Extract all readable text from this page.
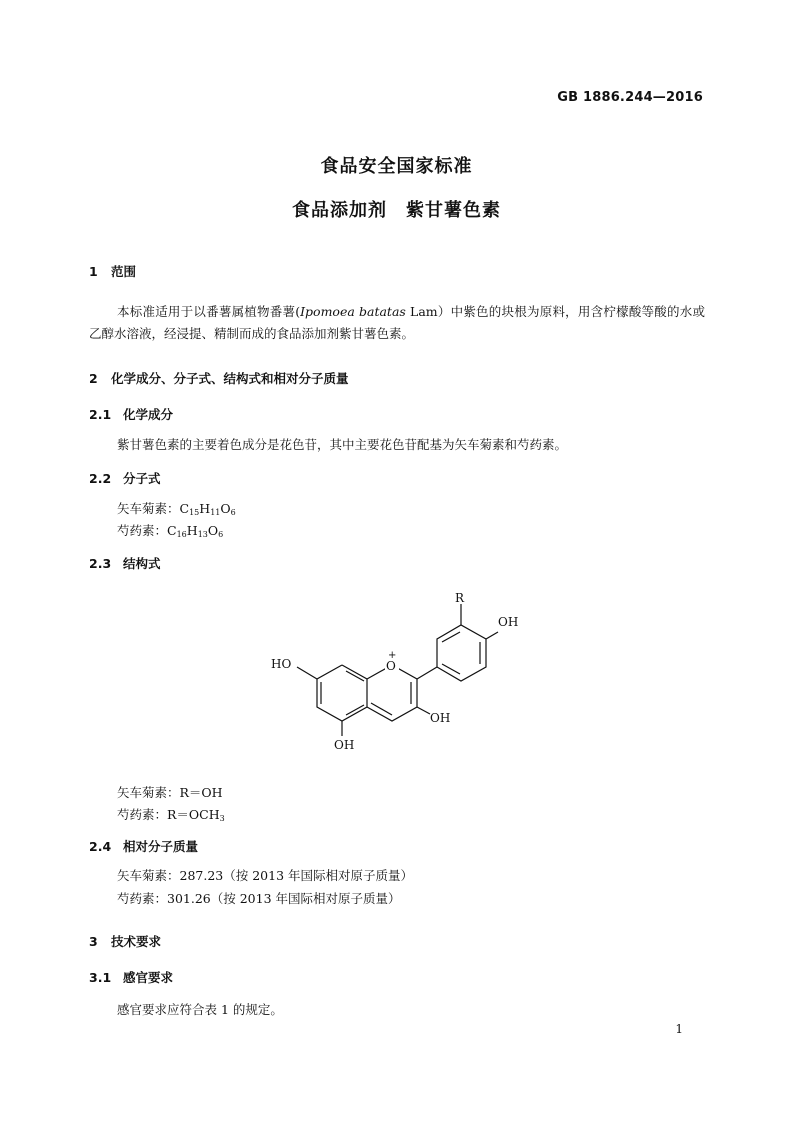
GB 1886.244—2016
食品安全国家标准
食品添加剂　紫甘薯色素
1 范围
本标准适用于以番薯属植物番薯(Ipomoea batatas Lam）中紫色的块根为原料，用含柠檬酸等酸的水或乙醇水溶液，经浸提、精制而成的食品添加剂紫甘薯色素。
2 化学成分、分子式、结构式和相对分子质量
2.1 化学成分
紫甘薯色素的主要着色成分是花色苷，其中主要花色苷配基为矢车菊素和芍药素。
2.2 分子式
矢车菊素：$C_{15}H_{11}O_6$
芍药素：$C_{16}H_{13}O_6$
2.3 结构式
R
OH
HO	O
+
OH
OH
矢车菊素：R＝OH
芍药素：$R=OCH_3$
2.4 相对分子质量
矢车菊素：287.23（按 2013 年国际相对原子质量）
芍药素：301.26（按 2013 年国际相对原子质量）
3 技术要求
3.1 感官要求
感官要求应符合表 1 的规定。
1
